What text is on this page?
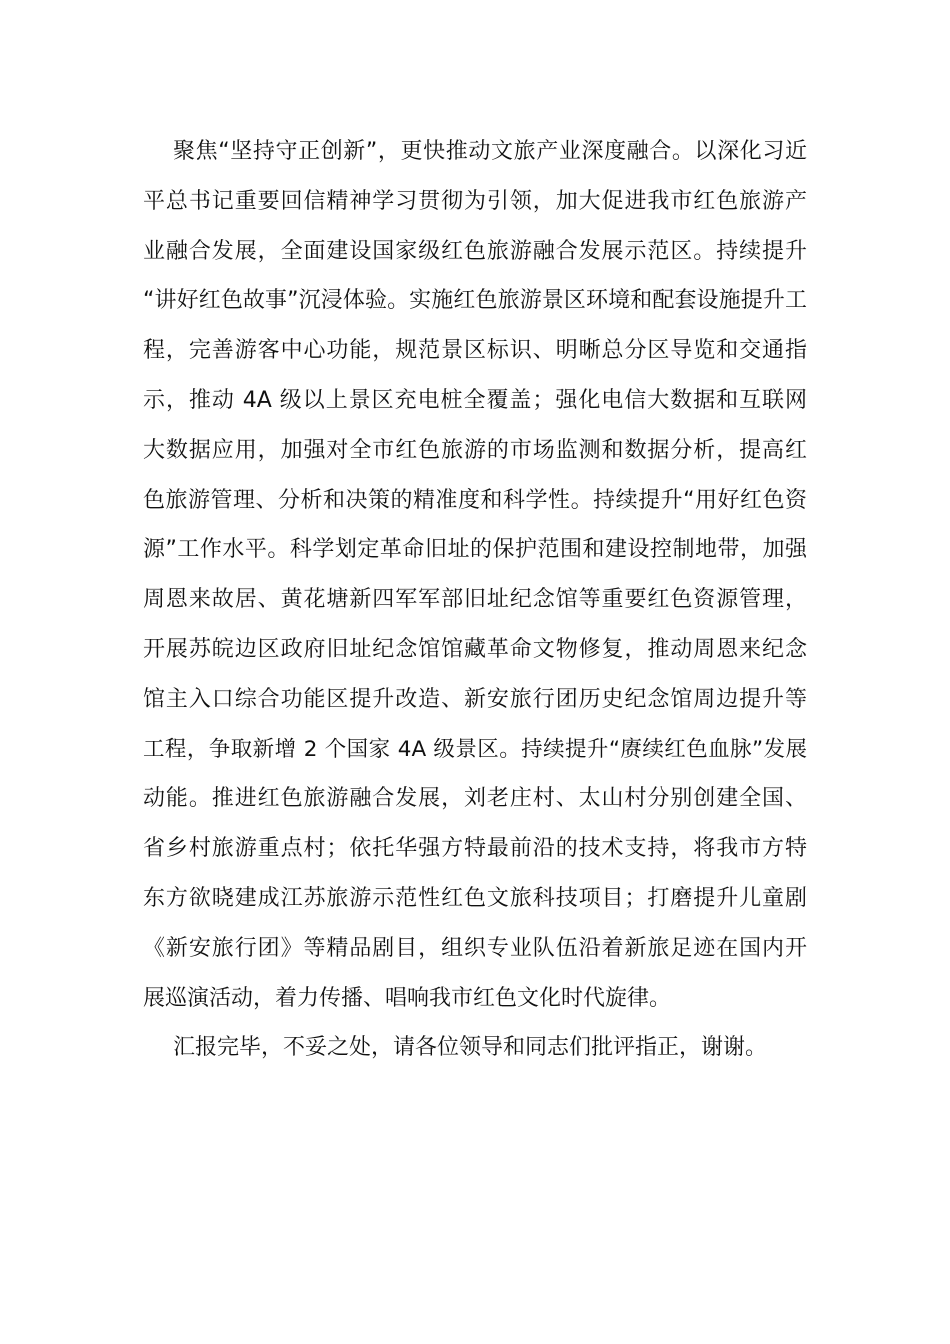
聚焦“坚持守正创新”，更快推动文旅产业深度融合。以深化习近
平总书记重要回信精神学习贯彻为引领，加大促进我市红色旅游产
业融合发展，全面建设国家级红色旅游融合发展示范区。持续提升
“讲好红色故事”沉浸体验。实施红色旅游景区环境和配套设施提升工
程，完善游客中心功能，规范景区标识、明晰总分区导览和交通指
示，推动 4A 级以上景区充电桩全覆盖；强化电信大数据和互联网
大数据应用，加强对全市红色旅游的市场监测和数据分析，提高红
色旅游管理、分析和决策的精准度和科学性。持续提升“用好红色资
源”工作水平。科学划定革命旧址的保护范围和建设控制地带，加强
周恩来故居、黄花塘新四军军部旧址纪念馆等重要红色资源管理，
开展苏皖边区政府旧址纪念馆馆藏革命文物修复，推动周恩来纪念
馆主入口综合功能区提升改造、新安旅行团历史纪念馆周边提升等
工程，争取新增 2 个国家 4A 级景区。持续提升“赓续红色血脉”发展
动能。推进红色旅游融合发展，刘老庄村、太山村分别创建全国、
省乡村旅游重点村；依托华强方特最前沿的技术支持，将我市方特
东方欲晓建成江苏旅游示范性红色文旅科技项目；打磨提升儿童剧
《新安旅行团》等精品剧目，组织专业队伍沿着新旅足迹在国内开
展巡演活动，着力传播、唱响我市红色文化时代旋律。
汇报完毕，不妥之处，请各位领导和同志们批评指正，谢谢。
